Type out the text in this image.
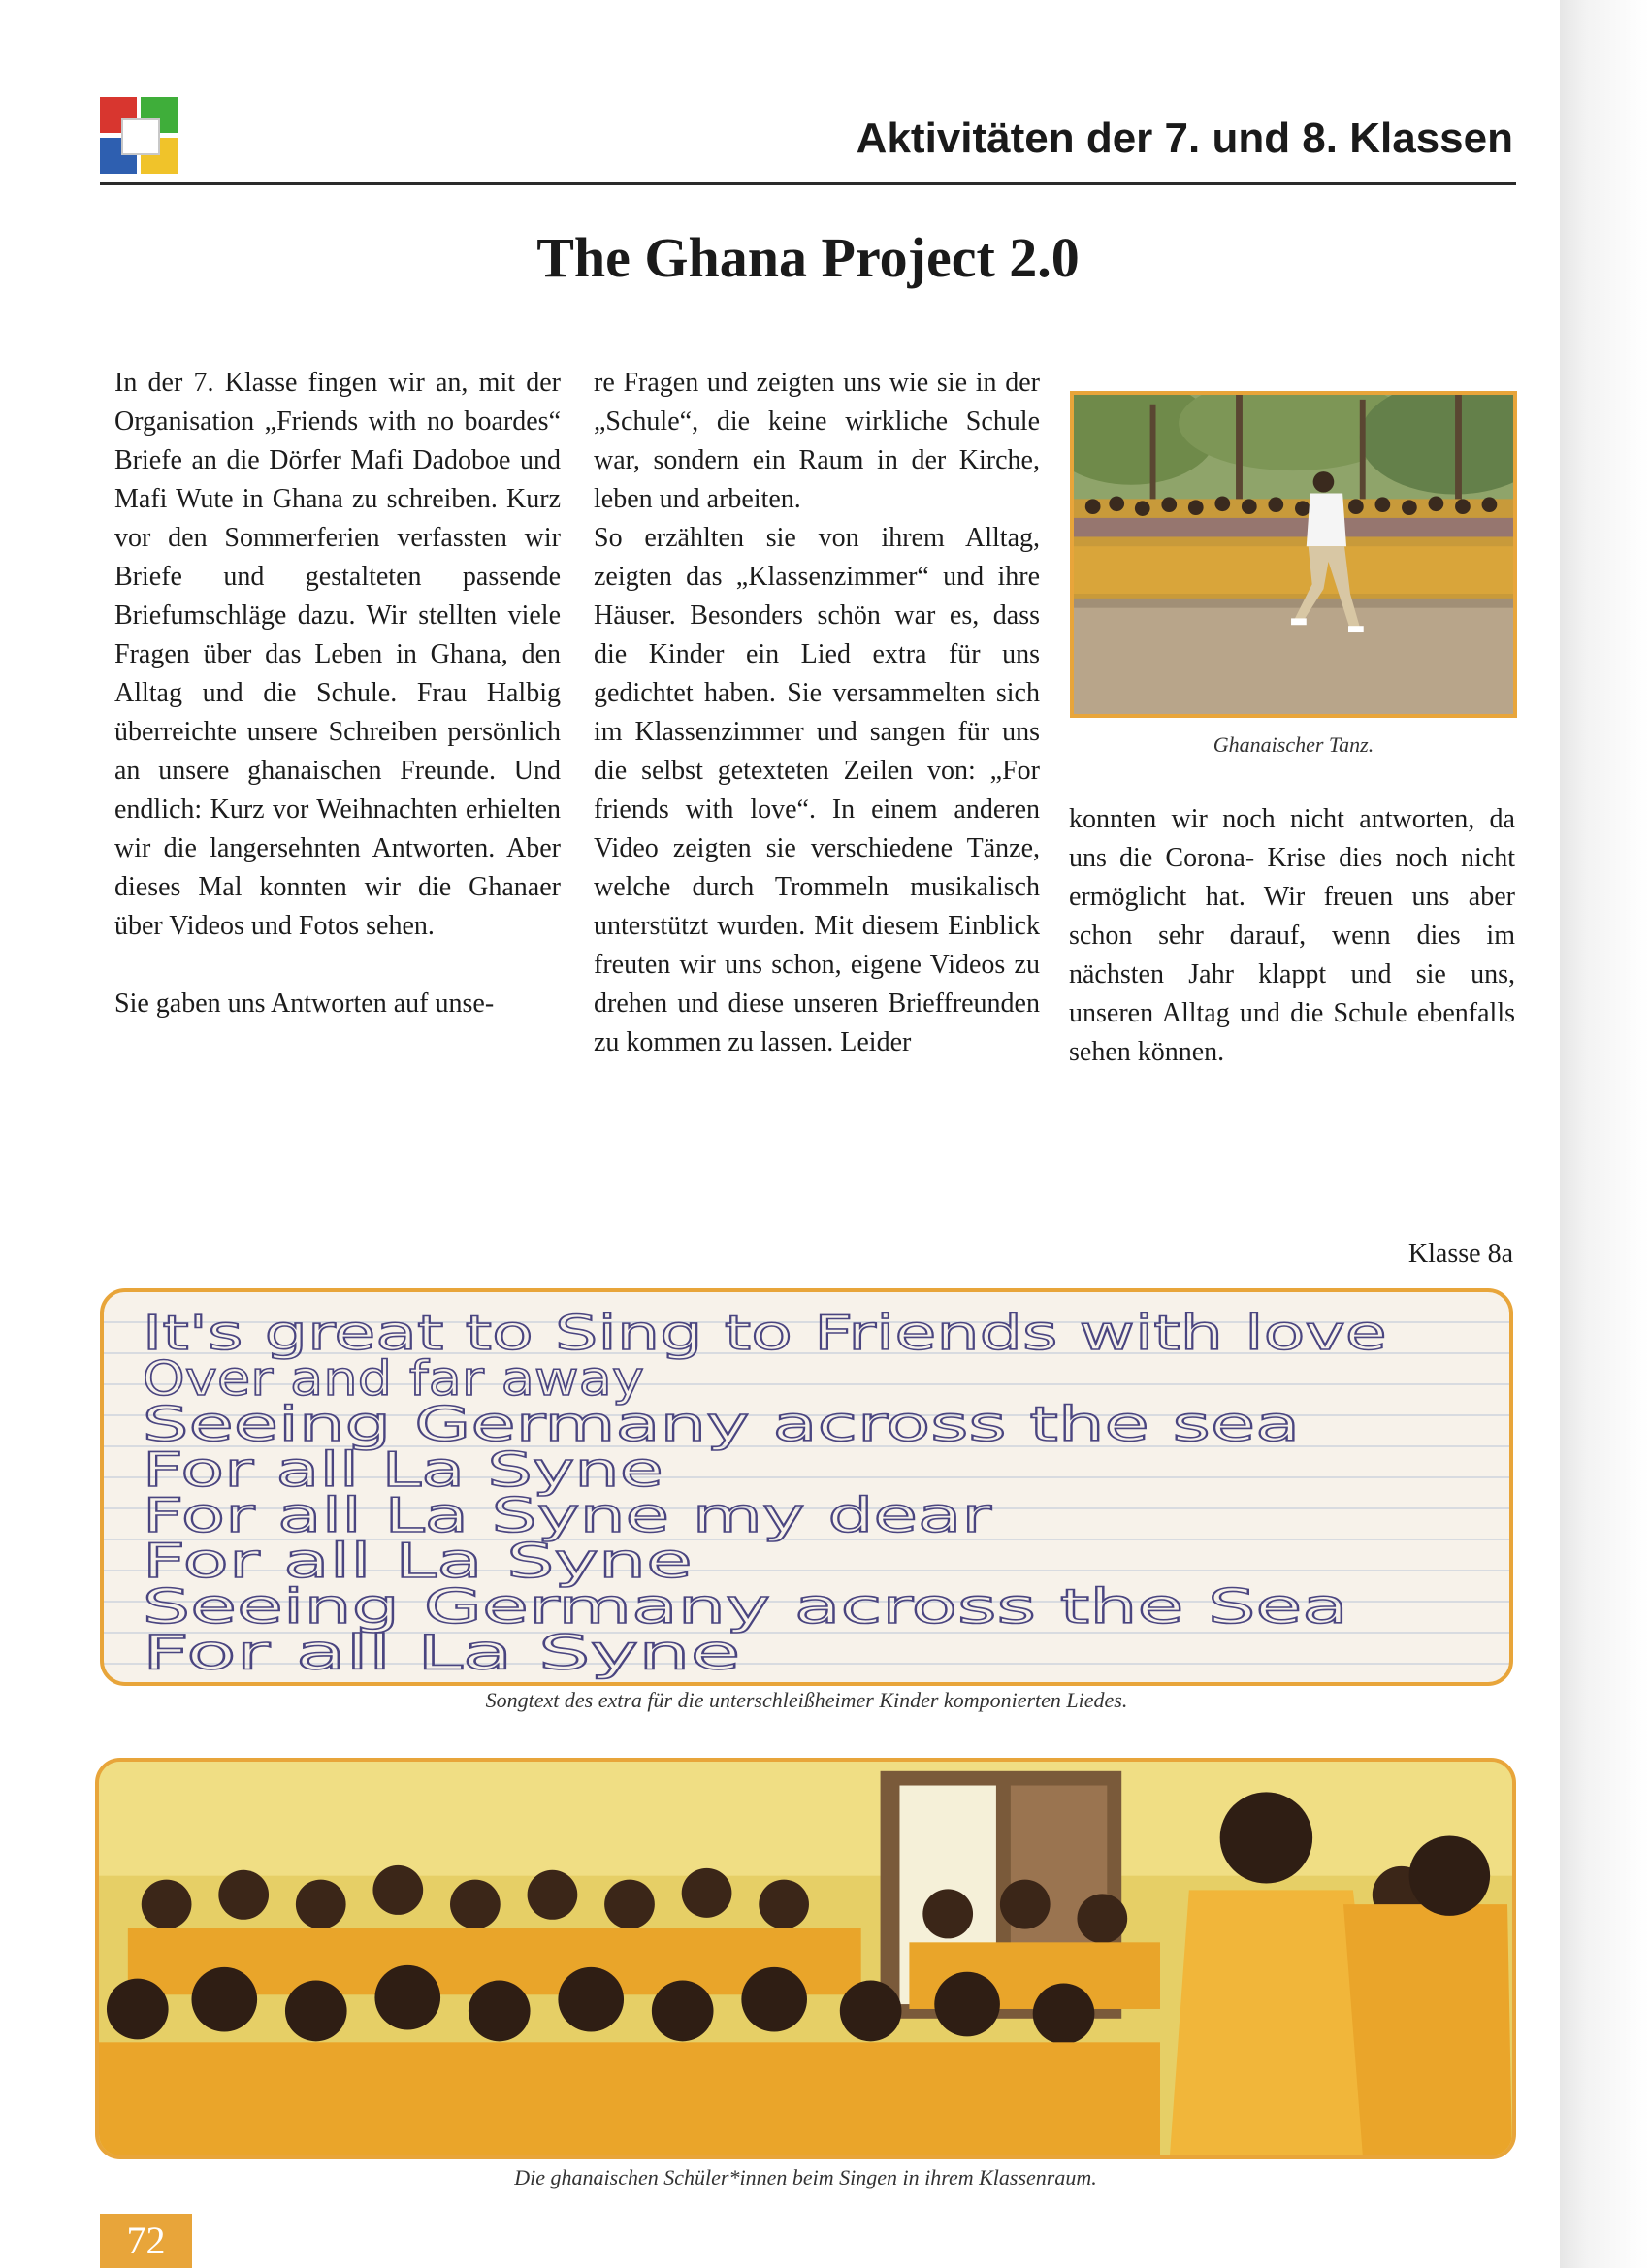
Aktivitäten der 7. und 8. Klassen
The Ghana Project 2.0

In der 7. Klasse fingen wir an, mit der Organisation „Friends with no boardes“ Briefe an die Dörfer Mafi Dadoboe und Mafi Wute in Ghana zu schreiben. Kurz vor den Sommerferien verfassten wir Briefe und gestalteten passende Briefumschläge dazu. Wir stellten viele Fragen über das Leben in Ghana, den Alltag und die Schule. Frau Halbig überreichte unsere Schreiben persönlich an unsere ghanaischen Freunde. Und endlich: Kurz vor Weihnachten erhielten wir die langersehnten Antworten. Aber dieses Mal konnten wir die Ghanaer über Videos und Fotos sehen.

Sie gaben uns Antworten auf unse-

re Fragen und zeigten uns wie sie in der „Schule“, die keine wirkliche Schule war, sondern ein Raum in der Kirche, leben und arbeiten.

So erzählten sie von ihrem Alltag, zeigten das „Klassenzimmer“ und ihre Häuser. Besonders schön war es, dass die Kinder ein Lied extra für uns gedichtet haben. Sie versammelten sich im Klassenzimmer und sangen für uns die selbst getexteten Zeilen von: „For friends with love“. In einem anderen Video zeigten sie verschiedene Tänze, welche durch Trommeln musikalisch unterstützt wurden. Mit diesem Einblick freuten wir uns schon, eigene Videos zu drehen und diese unseren Brieffreunden zu kommen zu lassen. Leider

Ghanaischer Tanz.

konnten wir noch nicht antworten, da uns die Corona- Krise dies noch nicht ermöglicht hat. Wir freuen uns aber schon sehr darauf, wenn dies im nächsten Jahr klappt und sie uns, unseren Alltag und die Schule ebenfalls sehen können.

Klasse 8a
It's great to Sing to Friends with love
Over and far away
Seeing Germany across the sea
For all La Syne
For all La Syne my dear
For all La Syne
Seeing Germany across the Sea
For all La Syne
Songtext des extra für die unterschleißheimer Kinder komponierten Liedes.
Die ghanaischen Schüler*innen beim Singen in ihrem Klassenraum.
72
